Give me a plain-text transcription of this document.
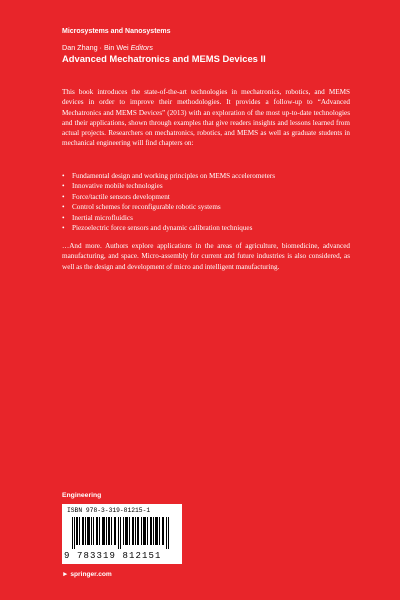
Microsystems and Nanosystems
Dan Zhang · Bin Wei Editors
Advanced Mechatronics and MEMS Devices II

This book introduces the state-of-the-art technologies in mechatronics, robotics, and MEMS devices in order to improve their methodologies. It provides a follow-up to “Advanced Mechatronics and MEMS Devices” (2013) with an exploration of the most up-to-date technologies and their applications, shown through examples that give readers insights and lessons learned from actual projects. Researchers on mechatronics, robotics, and MEMS as well as graduate students in mechanical engineering will find chapters on:

• Fundamental design and working principles on MEMS accelerometers
• Innovative mobile technologies
• Force/tactile sensors development
• Control schemes for reconfigurable robotic systems
• Inertial microfluidics
• Piezoelectric force sensors and dynamic calibration techniques

…And more. Authors explore applications in the areas of agriculture, biomedicine, advanced manufacturing, and space. Micro-assembly for current and future industries is also considered, as well as the design and development of micro and intelligent manufacturing.

Engineering
ISBN 978-3-319-81215-1
9 783319 812151
► springer.com
